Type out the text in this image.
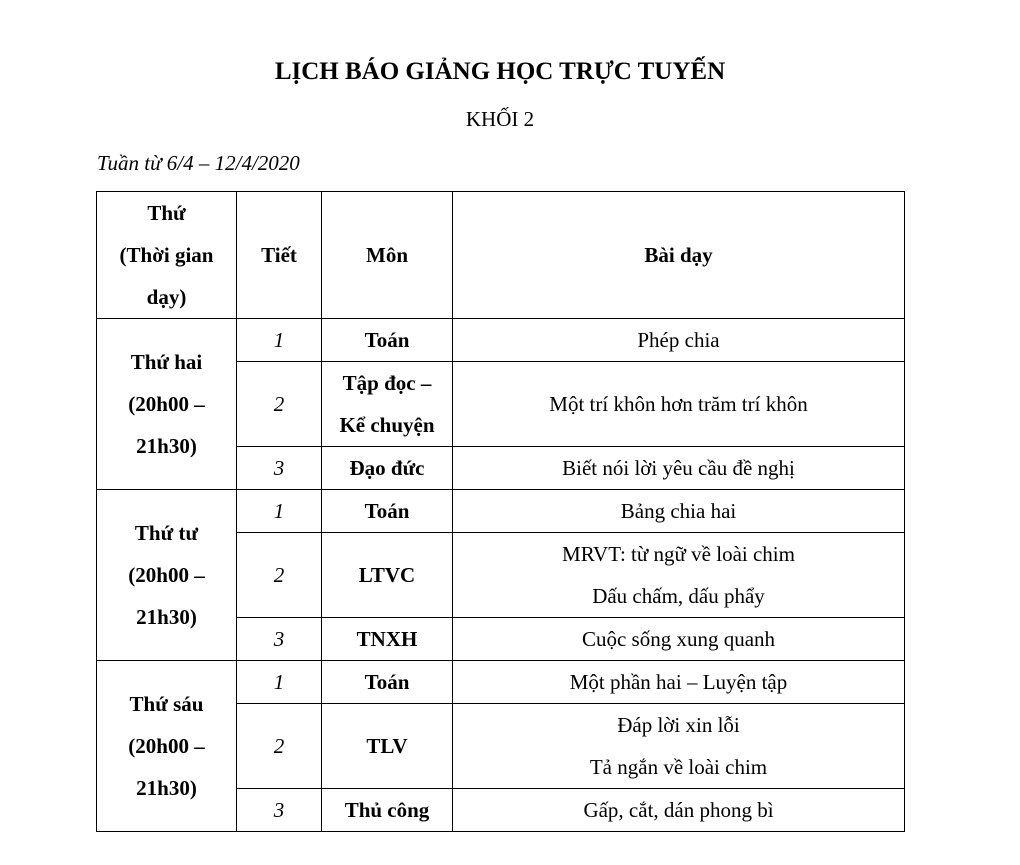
LỊCH BÁO GIẢNG HỌC TRỰC TUYẾN
KHỐI 2
Tuần từ 6/4 – 12/4/2020
Thứ
(Thời gian
dạy)	Tiết	Môn	Bài dạy

Thứ hai
(20h00 –
21h30)	1	Toán	Phép chia

	2	Tập đọc –
Kể chuyện	Một trí khôn hơn trăm trí khôn

	3	Đạo đức	Biết nói lời yêu cầu đề nghị

Thứ tư
(20h00 –
21h30)	1	Toán	Bảng chia hai

	2	LTVC	MRVT: từ ngữ về loài chim
Dấu chấm, dấu phẩy

	3	TNXH	Cuộc sống xung quanh

Thứ sáu
(20h00 –
21h30)	1	Toán	Một phần hai – Luyện tập

	2	TLV	Đáp lời xin lỗi
Tả ngắn về loài chim

	3	Thủ công	Gấp, cắt, dán phong bì
